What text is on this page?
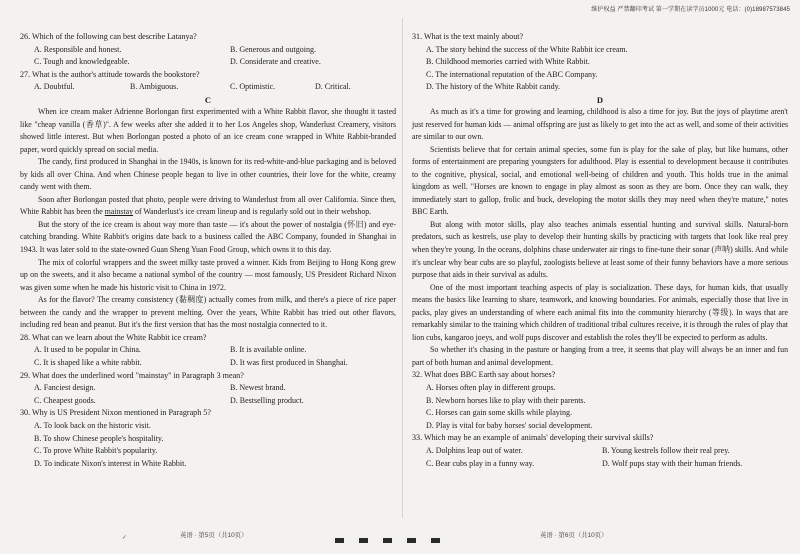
维护权益 严禁翻印考试 第一学期在读学员1000元 电话：(0)18987573845

26. Which of the following can best describe Latanya?

A. Responsible and honest.	B. Generous and outgoing.
C. Tough and knowledgeable.	D. Considerate and creative.

27. What is the author's attitude towards the bookstore?

A. Doubtful.	B. Ambiguous.	C. Optimistic.	D. Critical.

C

When ice cream maker Adrienne Borlongan first experimented with a White Rabbit flavor, she thought it tasted like "cheap vanilla (香草)". A few weeks after she added it to her Los Angeles shop, Wanderlust Creamery, visitors showed little interest. But when Borlongan posted a photo of an ice cream cone wrapped in White Rabbit-branded paper, word quickly spread on social media.

The candy, first produced in Shanghai in the 1940s, is known for its red-white-and-blue packaging and is beloved by kids all over China. And when Chinese people began to live in other countries, their love for the white, creamy candy went with them.

Soon after Borlongan posted that photo, people were driving to Wanderlust from all over California. Since then, White Rabbit has been the mainstay of Wanderlust's ice cream lineup and is regularly sold out in their webshop.

But the story of the ice cream is about way more than taste — it's about the power of nostalgia (怀旧) and eye-catching branding. White Rabbit's origins date back to a business called the ABC Company, founded in Shanghai in 1943. It was later sold to the state-owned Guan Sheng Yuan Food Group, which owns it to this day.

The mix of colorful wrappers and the sweet milky taste proved a winner. Kids from Beijing to Hong Kong grew up on the sweets, and it also became a national symbol of the country — most famously, US President Richard Nixon was given some when he made his historic visit to China in 1972.

As for the flavor? The creamy consistency (黏稠度) actually comes from milk, and there's a piece of rice paper between the candy and the wrapper to prevent melting. Over the years, White Rabbit has tried out other flavors, including red bean and peanut. But it's the first version that has the most nostalgia connected to it.

28. What can we learn about the White Rabbit ice cream?

A. It used to be popular in China.	B. It is available online.
C. It is shaped like a white rabbit.	D. It was first produced in Shanghai.

29. What does the underlined word "mainstay" in Paragraph 3 mean?

A. Fanciest design.	B. Newest brand.
C. Cheapest goods.	D. Bestselling product.

30. Why is US President Nixon mentioned in Paragraph 5?

A. To look back on the historic visit.
B. To show Chinese people's hospitality.
C. To prove White Rabbit's popularity.
D. To indicate Nixon's interest in White Rabbit.
✓	英语 · 第5页（共10页）

31. What is the text mainly about?

A. The story behind the success of the White Rabbit ice cream.
B. Childhood memories carried with White Rabbit.
C. The international reputation of the ABC Company.
D. The history of the White Rabbit candy.

D

As much as it's a time for growing and learning, childhood is also a time for joy. But the joys of playtime aren't just reserved for human kids — animal offspring are just as likely to get into the act as well, and some of their activities are similar to our own.

Scientists believe that for certain animal species, some fun is play for the sake of play, but like humans, other forms of entertainment are preparing youngsters for adulthood. Play is essential to development because it contributes to the cognitive, physical, social, and emotional well-being of children and youth. This holds true in the animal kingdom as well. "Horses are known to engage in play almost as soon as they are born. Once they can walk, they immediately start to gallop, frolic and buck, developing the motor skills they may need when they're mature," notes BBC Earth.

But along with motor skills, play also teaches animals essential hunting and survival skills. Natural-born predators, such as kestrels, use play to develop their hunting skills by practicing with targets that look like real prey when they're young. In the oceans, dolphins chase underwater air rings to fine-tune their sonar (声呐) skills. And while it's unclear why bear cubs are so playful, zoologists believe at least some of their funny behaviors have a more serious purpose that aids in their survival as adults.

One of the most important teaching aspects of play is socialization. These days, for human kids, that usually means the basics like learning to share, teamwork, and knowing boundaries. For animals, especially those that live in packs, play gives an understanding of where each animal fits into the community hierarchy (等级). In ways that are remarkably similar to the training which children of traditional tribal cultures receive, it is through the rules of play that lion cubs, kangaroo joeys, and wolf pups discover and establish the roles they'll be expected to perform as adults.

So whether it's chasing in the pasture or hanging from a tree, it seems that play will always be an inner and fun part of both human and animal development.

32. What does BBC Earth say about horses?

A. Horses often play in different groups.
B. Newborn horses like to play with their parents.
C. Horses can gain some skills while playing.
D. Play is vital for baby horses' social development.

33. Which may be an example of animals' developing their survival skills?

A. Dolphins leap out of water.	B. Young kestrels follow their real prey.
C. Bear cubs play in a funny way.	D. Wolf pups stay with their human friends.
英语 · 第6页（共10页）
